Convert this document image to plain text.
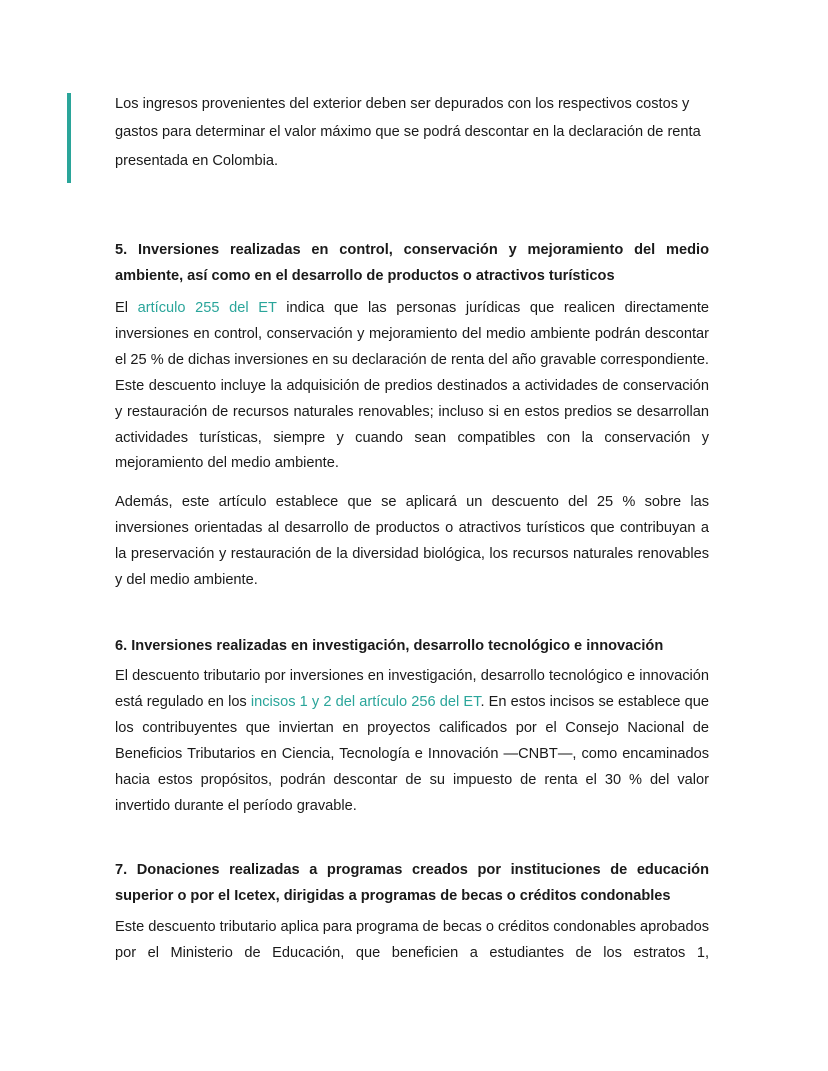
Los ingresos provenientes del exterior deben ser depurados con los respectivos costos y gastos para determinar el valor máximo que se podrá descontar en la declaración de renta presentada en Colombia.

5. Inversiones realizadas en control, conservación y mejoramiento del medio ambiente, así como en el desarrollo de productos o atractivos turísticos

El artículo 255 del ET indica que las personas jurídicas que realicen directamente inversiones en control, conservación y mejoramiento del medio ambiente podrán descontar el 25 % de dichas inversiones en su declaración de renta del año gravable correspondiente. Este descuento incluye la adquisición de predios destinados a actividades de conservación y restauración de recursos naturales renovables; incluso si en estos predios se desarrollan actividades turísticas, siempre y cuando sean compatibles con la conservación y mejoramiento del medio ambiente.

Además, este artículo establece que se aplicará un descuento del 25 % sobre las inversiones orientadas al desarrollo de productos o atractivos turísticos que contribuyan a la preservación y restauración de la diversidad biológica, los recursos naturales renovables y del medio ambiente.

6. Inversiones realizadas en investigación, desarrollo tecnológico e innovación

El descuento tributario por inversiones en investigación, desarrollo tecnológico e innovación está regulado en los incisos 1 y 2 del artículo 256 del ET. En estos incisos se establece que los contribuyentes que inviertan en proyectos calificados por el Consejo Nacional de Beneficios Tributarios en Ciencia, Tecnología e Innovación —CNBT—, como encaminados hacia estos propósitos, podrán descontar de su impuesto de renta el 30 % del valor invertido durante el período gravable.

7. Donaciones realizadas a programas creados por instituciones de educación superior o por el Icetex, dirigidas a programas de becas o créditos condonables

Este descuento tributario aplica para programa de becas o créditos condonables aprobados por el Ministerio de Educación, que beneficien a estudiantes de los estratos 1,
